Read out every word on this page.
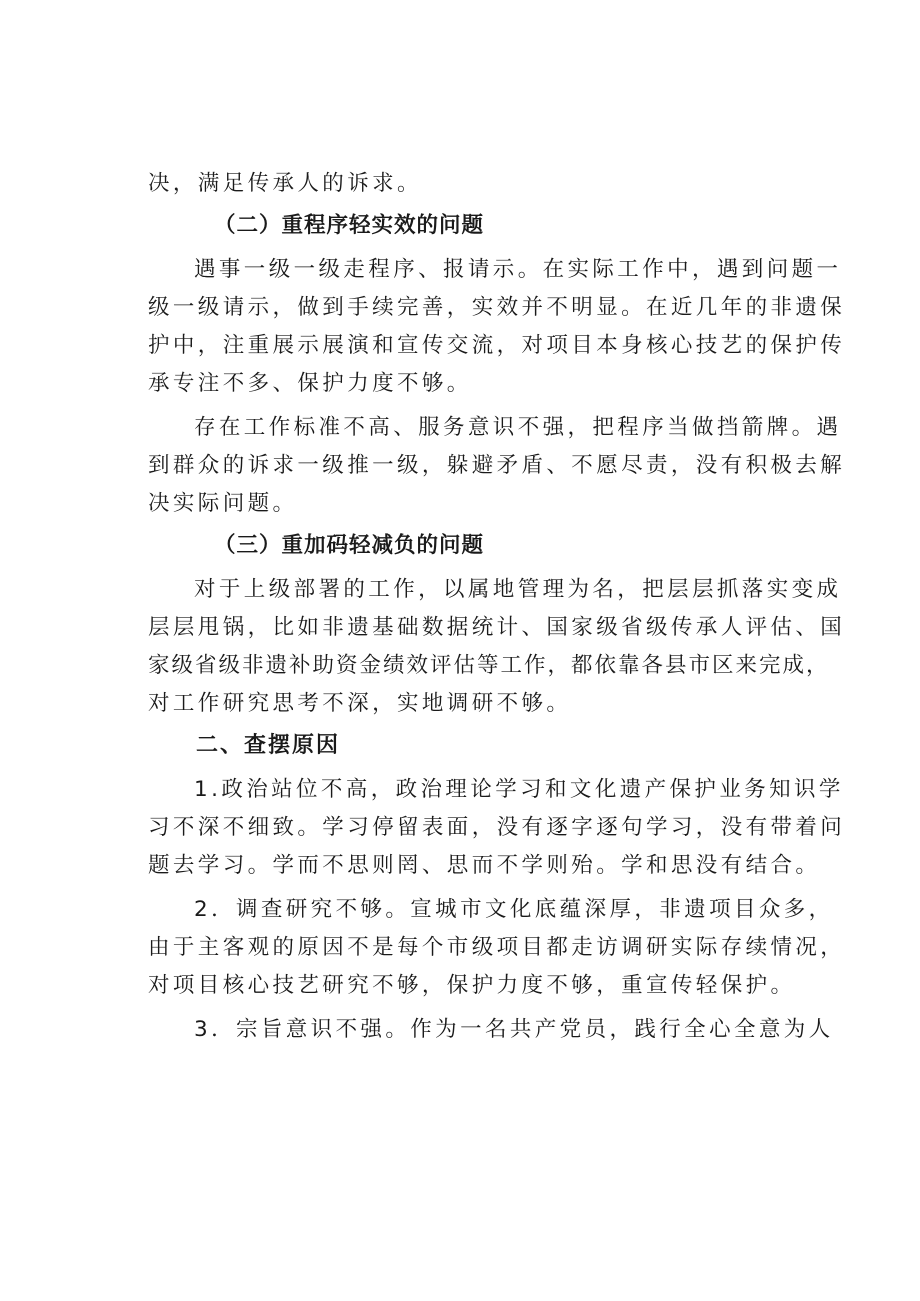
决，满足传承人的诉求。
（二）重程序轻实效的问题
遇事一级一级走程序、报请示。在实际工作中，遇到问题一
级一级请示，做到手续完善，实效并不明显。在近几年的非遗保
护中，注重展示展演和宣传交流，对项目本身核心技艺的保护传
承专注不多、保护力度不够。
存在工作标准不高、服务意识不强，把程序当做挡箭牌。遇
到群众的诉求一级推一级，躲避矛盾、不愿尽责，没有积极去解
决实际问题。
（三）重加码轻减负的问题
对于上级部署的工作，以属地管理为名，把层层抓落实变成
层层甩锅，比如非遗基础数据统计、国家级省级传承人评估、国
家级省级非遗补助资金绩效评估等工作，都依靠各县市区来完成，
对工作研究思考不深，实地调研不够。
二、查摆原因
1.政治站位不高，政治理论学习和文化遗产保护业务知识学
习不深不细致。学习停留表面，没有逐字逐句学习，没有带着问
题去学习。学而不思则罔、思而不学则殆。学和思没有结合。
2．调查研究不够。宣城市文化底蕴深厚，非遗项目众多，
由于主客观的原因不是每个市级项目都走访调研实际存续情况，
对项目核心技艺研究不够，保护力度不够，重宣传轻保护。
3．宗旨意识不强。作为一名共产党员，践行全心全意为人
